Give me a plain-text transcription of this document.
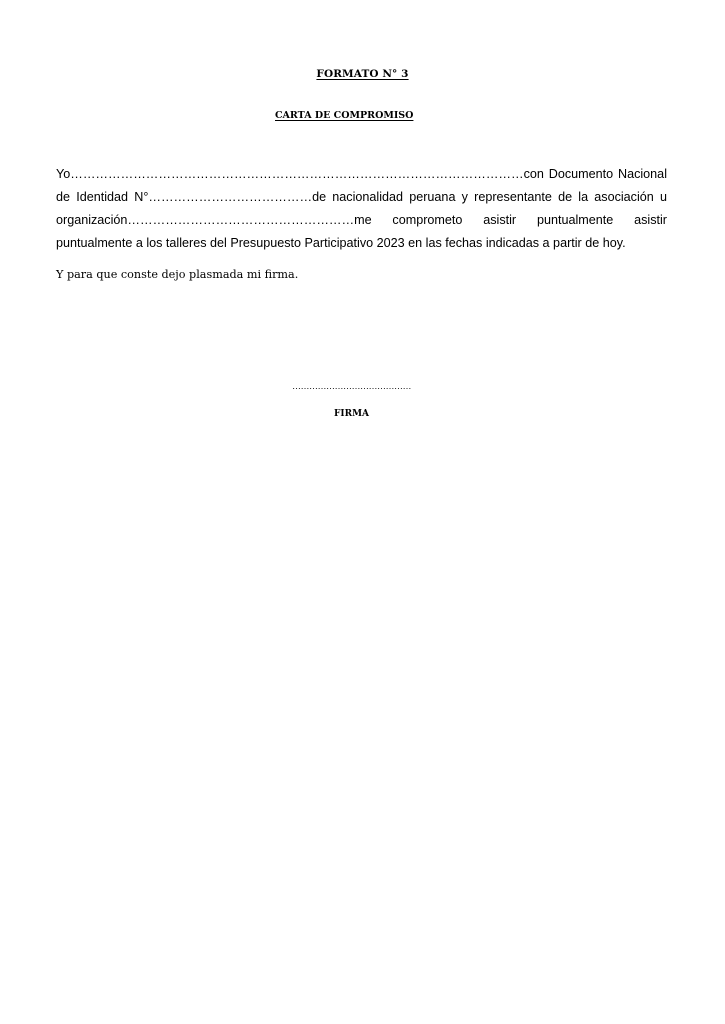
FORMATO N° 3
CARTA DE COMPROMISO

Yo………………………………………………………………………………………………con Documento Nacional de Identidad N°…………………………………de nacionalidad peruana y representante de la asociación u organización………………………………………………me comprometo asistir puntualmente asistir puntualmente a los talleres del Presupuesto Participativo 2023 en las fechas indicadas a partir de hoy.

Y para que conste dejo plasmada mi firma.

……………………………………

FIRMA
